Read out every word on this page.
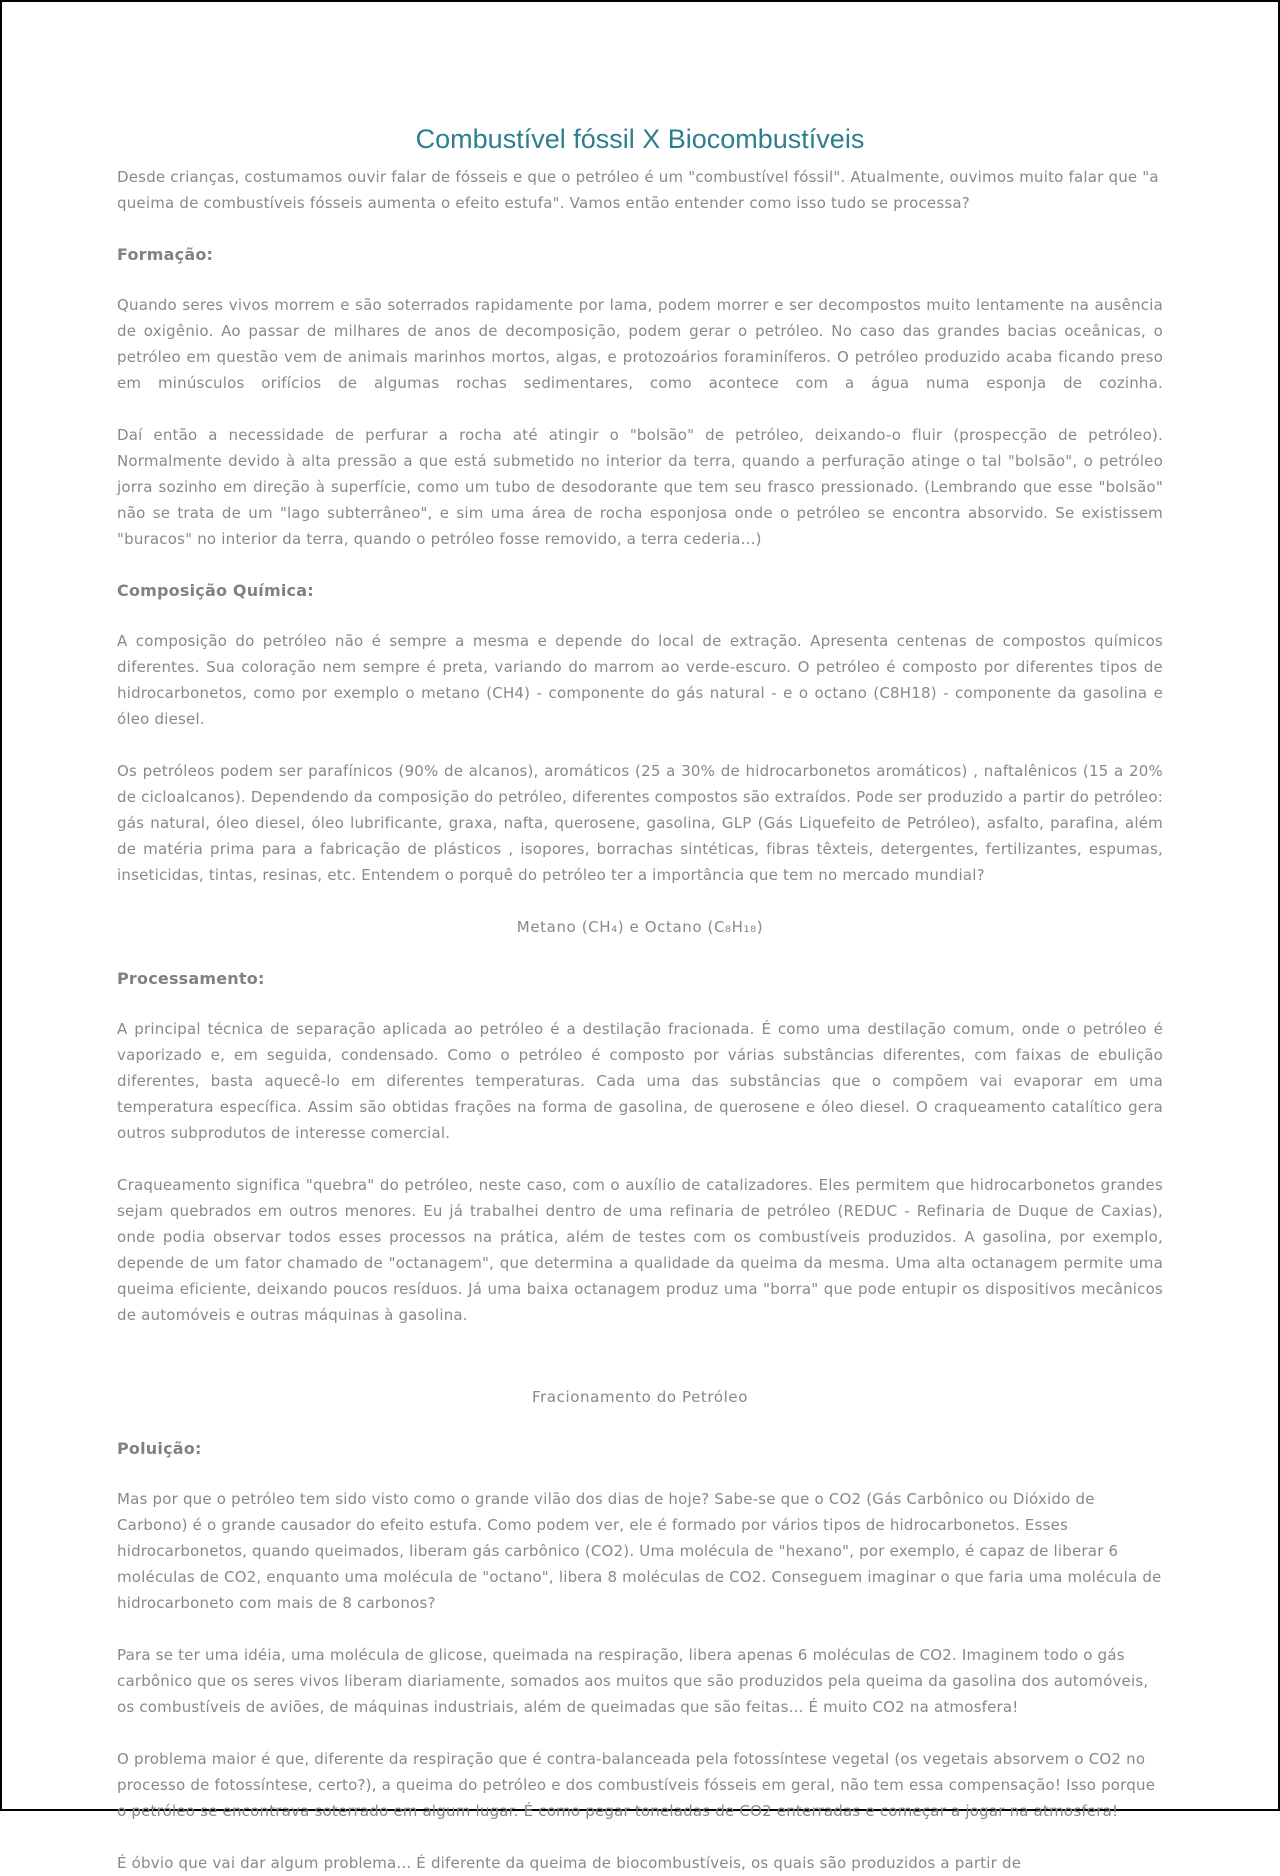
Combustível fóssil X Biocombustíveis

Desde crianças, costumamos ouvir falar de fósseis e que o petróleo é um "combustível fóssil". Atualmente, ouvimos muito falar que "a queima de combustíveis fósseis aumenta o efeito estufa". Vamos então entender como isso tudo se processa?

Formação:

Quando seres vivos morrem e são soterrados rapidamente por lama, podem morrer e ser decompostos muito lentamente na ausência de oxigênio. Ao passar de milhares de anos de decomposição, podem gerar o petróleo. No caso das grandes bacias oceânicas, o petróleo em questão vem de animais marinhos mortos, algas, e protozoários foraminíferos. O petróleo produzido acaba ficando preso em minúsculos orifícios de algumas rochas sedimentares, como acontece com a água numa esponja de cozinha.

Daí então a necessidade de perfurar a rocha até atingir o "bolsão" de petróleo, deixando-o fluir (prospecção de petróleo). Normalmente devido à alta pressão a que está submetido no interior da terra, quando a perfuração atinge o tal "bolsão", o petróleo jorra sozinho em direção à superfície, como um tubo de desodorante que tem seu frasco pressionado. (Lembrando que esse "bolsão" não se trata de um "lago subterrâneo", e sim uma área de rocha esponjosa onde o petróleo se encontra absorvido. Se existissem "buracos" no interior da terra, quando o petróleo fosse removido, a terra cederia...)

Composição Química:

A composição do petróleo não é sempre a mesma e depende do local de extração. Apresenta centenas de compostos químicos diferentes. Sua coloração nem sempre é preta, variando do marrom ao verde-escuro. O petróleo é composto por diferentes tipos de hidrocarbonetos, como por exemplo o metano (CH4) - componente do gás natural - e o octano (C8H18) - componente da gasolina e óleo diesel.

Os petróleos podem ser parafínicos (90% de alcanos), aromáticos (25 a 30% de hidrocarbonetos aromáticos) , naftalênicos (15 a 20% de cicloalcanos). Dependendo da composição do petróleo, diferentes compostos são extraídos. Pode ser produzido a partir do petróleo: gás natural, óleo diesel, óleo lubrificante, graxa, nafta, querosene, gasolina, GLP (Gás Liquefeito de Petróleo), asfalto, parafina, além de matéria prima para a fabricação de plásticos , isopores, borrachas sintéticas, fibras têxteis, detergentes, fertilizantes, espumas, inseticidas, tintas, resinas, etc. Entendem o porquê do petróleo ter a importância que tem no mercado mundial?

Metano (CH₄) e Octano (C₈H₁₈)

Processamento:

A principal técnica de separação aplicada ao petróleo é a destilação fracionada. É como uma destilação comum, onde o petróleo é vaporizado e, em seguida, condensado. Como o petróleo é composto por várias substâncias diferentes, com faixas de ebulição diferentes, basta aquecê-lo em diferentes temperaturas. Cada uma das substâncias que o compõem vai evaporar em uma temperatura específica. Assim são obtidas frações na forma de gasolina, de querosene e óleo diesel. O craqueamento catalítico gera outros subprodutos de interesse comercial.

Craqueamento significa "quebra" do petróleo, neste caso, com o auxílio de catalizadores. Eles permitem que hidrocarbonetos grandes sejam quebrados em outros menores. Eu já trabalhei dentro de uma refinaria de petróleo (REDUC - Refinaria de Duque de Caxias), onde podia observar todos esses processos na prática, além de testes com os combustíveis produzidos. A gasolina, por exemplo, depende de um fator chamado de "octanagem", que determina a qualidade da queima da mesma. Uma alta octanagem permite uma queima eficiente, deixando poucos resíduos. Já uma baixa octanagem produz uma "borra" que pode entupir os dispositivos mecânicos de automóveis e outras máquinas à gasolina.

Fracionamento do Petróleo

Poluição:

Mas por que o petróleo tem sido visto como o grande vilão dos dias de hoje? Sabe-se que o CO2 (Gás Carbônico ou Dióxido de Carbono) é o grande causador do efeito estufa. Como podem ver, ele é formado por vários tipos de hidrocarbonetos. Esses hidrocarbonetos, quando queimados, liberam gás carbônico (CO2). Uma molécula de "hexano", por exemplo, é capaz de liberar 6 moléculas de CO2, enquanto uma molécula de "octano", libera 8 moléculas de CO2. Conseguem imaginar o que faria uma molécula de hidrocarboneto com mais de 8 carbonos?

Para se ter uma idéia, uma molécula de glicose, queimada na respiração, libera apenas 6 moléculas de CO2. Imaginem todo o gás carbônico que os seres vivos liberam diariamente, somados aos muitos que são produzidos pela queima da gasolina dos automóveis, os combustíveis de aviões, de máquinas industriais, além de queimadas que são feitas... É muito CO2 na atmosfera!

O problema maior é que, diferente da respiração que é contra-balanceada pela fotossíntese vegetal (os vegetais absorvem o CO2 no processo de fotossíntese, certo?), a queima do petróleo e dos combustíveis fósseis em geral, não tem essa compensação! Isso porque o petróleo se encontrava soterrado em algum lugar. É como pegar toneladas de CO2 enterradas e começar a jogar na atmosfera!

É óbvio que vai dar algum problema... É diferente da queima de biocombustíveis, os quais são produzidos a partir de
